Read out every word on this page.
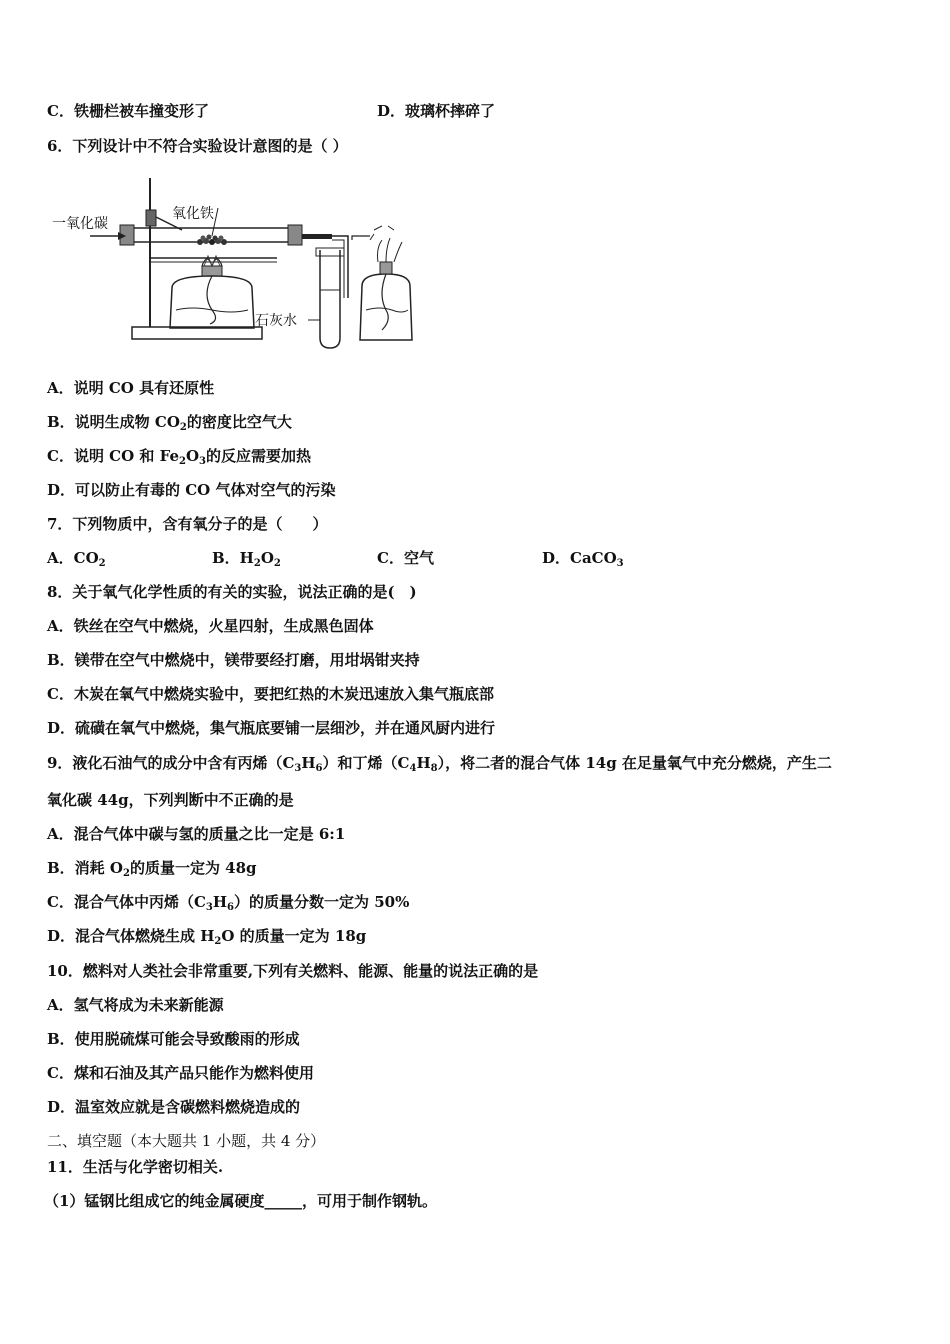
C．铁栅栏被车撞变形了	D．玻璃杯摔碎了
6．下列设计中不符合实验设计意图的是（ ）
一氧化碳
氧化铁
石灰水
A．说明 CO 具有还原性
B．说明生成物 $CO_2$的密度比空气大
C．说明 CO 和 $Fe_2O_3$的反应需要加热
D．可以防止有毒的 CO 气体对空气的污染
7．下列物质中，含有氧分子的是（　　）
A．$CO_2$	B．$H_2O_2$	C．空气	D．CaCO$_3$
8．关于氧气化学性质的有关的实验，说法正确的是(　)
A．铁丝在空气中燃烧，火星四射，生成黑色固体
B．镁带在空气中燃烧中，镁带要经打磨，用坩埚钳夹持
C．木炭在氧气中燃烧实验中，要把红热的木炭迅速放入集气瓶底部
D．硫磺在氧气中燃烧，集气瓶底要铺一层细沙，并在通风厨内进行
9．液化石油气的成分中含有丙烯$(C_3H_6)$和丁烯$(C_4H_8)$，将二者的混合气体 14g 在足量氧气中充分燃烧，产生二
氧化碳 44g，下列判断中不正确的是
A．混合气体中碳与氢的质量之比一定是 6:1
B．消耗 $O_2$的质量一定为 48g
C．混合气体中丙烯$(C_3H_6)$的质量分数一定为 50%
D．混合气体燃烧生成 $H_2O$ 的质量一定为 18g
10．燃料对人类社会非常重要,下列有关燃料、能源、能量的说法正确的是
A．氢气将成为未来新能源
B．使用脱硫煤可能会导致酸雨的形成
C．煤和石油及其产品只能作为燃料使用
D．温室效应就是含碳燃料燃烧造成的
二、填空题（本大题共 1 小题，共 4 分）
11．生活与化学密切相关.
（1）锰钢比组成它的纯金属硬度_____，可用于制作钢轨。
